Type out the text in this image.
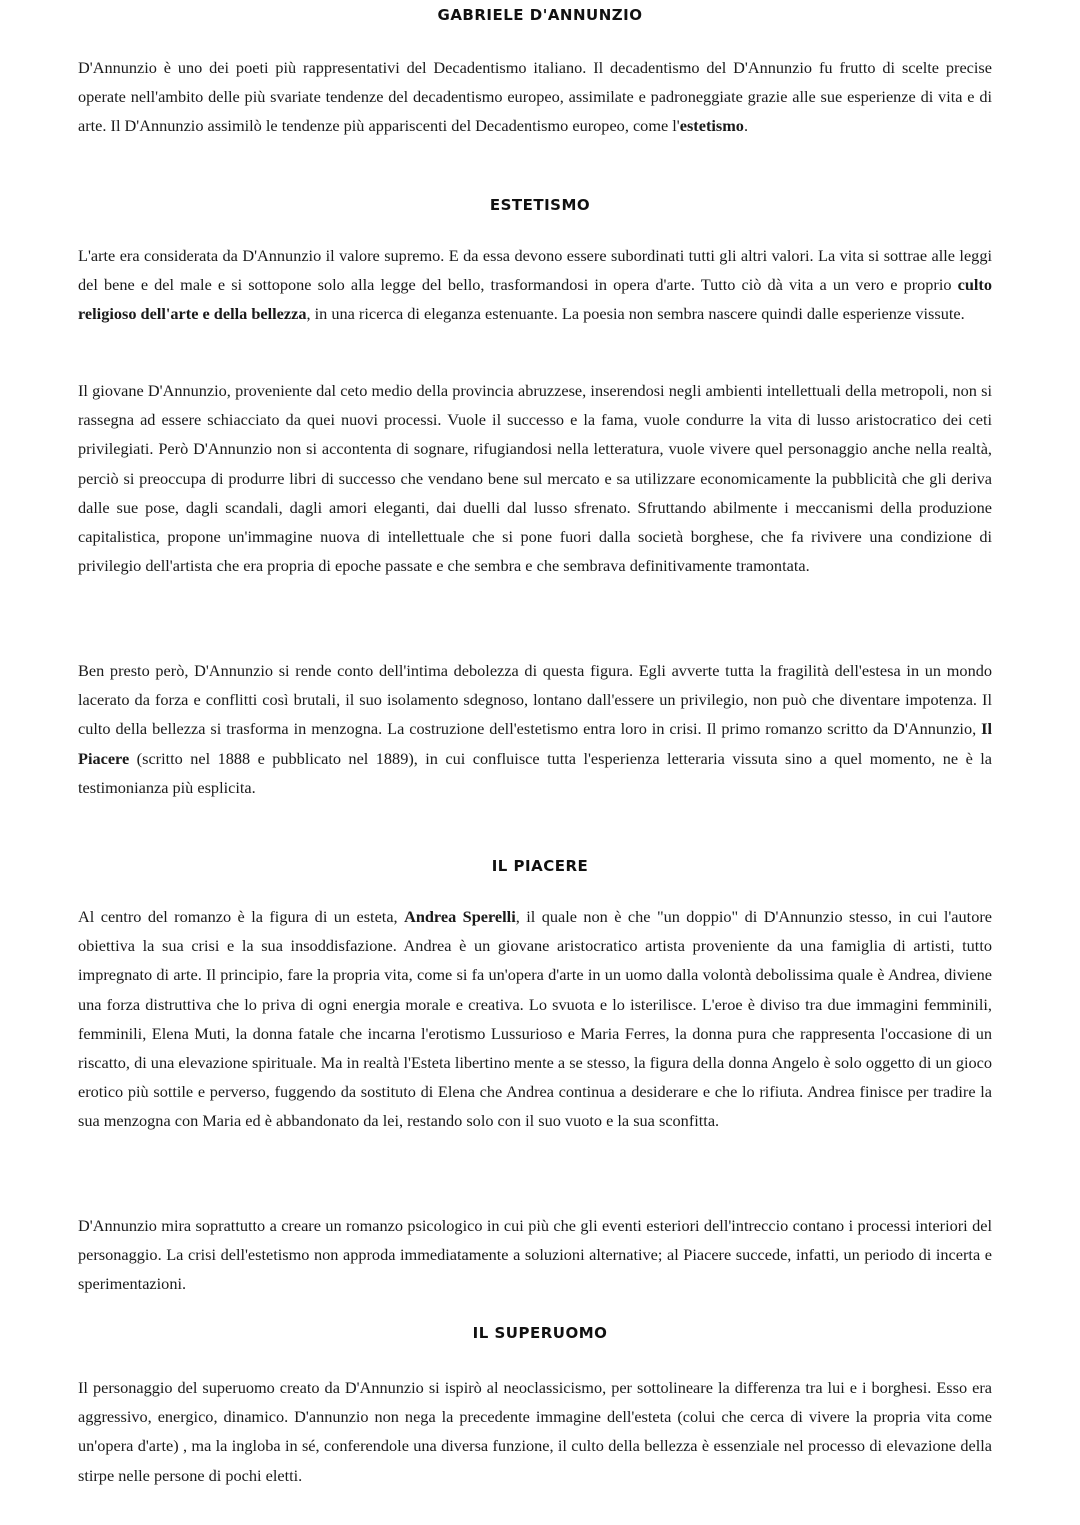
GABRIELE D'ANNUNZIO

D'Annunzio è uno dei poeti più rappresentativi del Decadentismo italiano. Il decadentismo del D'Annunzio fu frutto di scelte precise operate nell'ambito delle più svariate tendenze del decadentismo europeo, assimilate e padroneggiate grazie alle sue esperienze di vita e di arte. Il D'Annunzio assimilò le tendenze più appariscenti del Decadentismo europeo, come l'estetismo.

ESTETISMO

L'arte era considerata da D'Annunzio il valore supremo. E da essa devono essere subordinati tutti gli altri valori. La vita si sottrae alle leggi del bene e del male e si sottopone solo alla legge del bello, trasformandosi in opera d'arte. Tutto ciò dà vita a un vero e proprio culto religioso dell'arte e della bellezza, in una ricerca di eleganza estenuante. La poesia non sembra nascere quindi dalle esperienze vissute.

Il giovane D'Annunzio, proveniente dal ceto medio della provincia abruzzese, inserendosi negli ambienti intellettuali della metropoli, non si rassegna ad essere schiacciato da quei nuovi processi. Vuole il successo e la fama, vuole condurre la vita di lusso aristocratico dei ceti privilegiati. Però D'Annunzio non si accontenta di sognare, rifugiandosi nella letteratura, vuole vivere quel personaggio anche nella realtà, perciò si preoccupa di produrre libri di successo che vendano bene sul mercato e sa utilizzare economicamente la pubblicità che gli deriva dalle sue pose, dagli scandali, dagli amori eleganti, dai duelli dal lusso sfrenato. Sfruttando abilmente i meccanismi della produzione capitalistica, propone un'immagine nuova di intellettuale che si pone fuori dalla società borghese, che fa rivivere una condizione di privilegio dell'artista che era propria di epoche passate e che sembra e che sembrava definitivamente tramontata.

Ben presto però, D'Annunzio si rende conto dell'intima debolezza di questa figura. Egli avverte tutta la fragilità dell'estesa in un mondo lacerato da forza e conflitti così brutali, il suo isolamento sdegnoso, lontano dall'essere un privilegio, non può che diventare impotenza. Il culto della bellezza si trasforma in menzogna. La costruzione dell'estetismo entra loro in crisi. Il primo romanzo scritto da D'Annunzio, Il Piacere (scritto nel 1888 e pubblicato nel 1889), in cui confluisce tutta l'esperienza letteraria vissuta sino a quel momento, ne è la testimonianza più esplicita.

IL PIACERE

Al centro del romanzo è la figura di un esteta, Andrea Sperelli, il quale non è che "un doppio" di D'Annunzio stesso, in cui l'autore obiettiva la sua crisi e la sua insoddisfazione. Andrea è un giovane aristocratico artista proveniente da una famiglia di artisti, tutto impregnato di arte. Il principio, fare la propria vita, come si fa un'opera d'arte in un uomo dalla volontà debolissima quale è Andrea, diviene una forza distruttiva che lo priva di ogni energia morale e creativa. Lo svuota e lo isterilisce. L'eroe è diviso tra due immagini femminili, femminili, Elena Muti, la donna fatale che incarna l'erotismo Lussurioso e Maria Ferres, la donna pura che rappresenta l'occasione di un riscatto, di una elevazione spirituale. Ma in realtà l'Esteta libertino mente a se stesso, la figura della donna Angelo è solo oggetto di un gioco erotico più sottile e perverso, fuggendo da sostituto di Elena che Andrea continua a desiderare e che lo rifiuta. Andrea finisce per tradire la sua menzogna con Maria ed è abbandonato da lei, restando solo con il suo vuoto e la sua sconfitta.

D'Annunzio mira soprattutto a creare un romanzo psicologico in cui più che gli eventi esteriori dell'intreccio contano i processi interiori del personaggio. La crisi dell'estetismo non approda immediatamente a soluzioni alternative; al Piacere succede, infatti, un periodo di incerta e sperimentazioni.

IL SUPERUOMO

Il personaggio del superuomo creato da D'Annunzio si ispirò al neoclassicismo, per sottolineare la differenza tra lui e i borghesi. Esso era aggressivo, energico, dinamico. D'annunzio non nega la precedente immagine dell'esteta (colui che cerca di vivere la propria vita come un'opera d'arte) , ma la ingloba in sé, conferendole una diversa funzione, il culto della bellezza è essenziale nel processo di elevazione della stirpe nelle persone di pochi eletti.
